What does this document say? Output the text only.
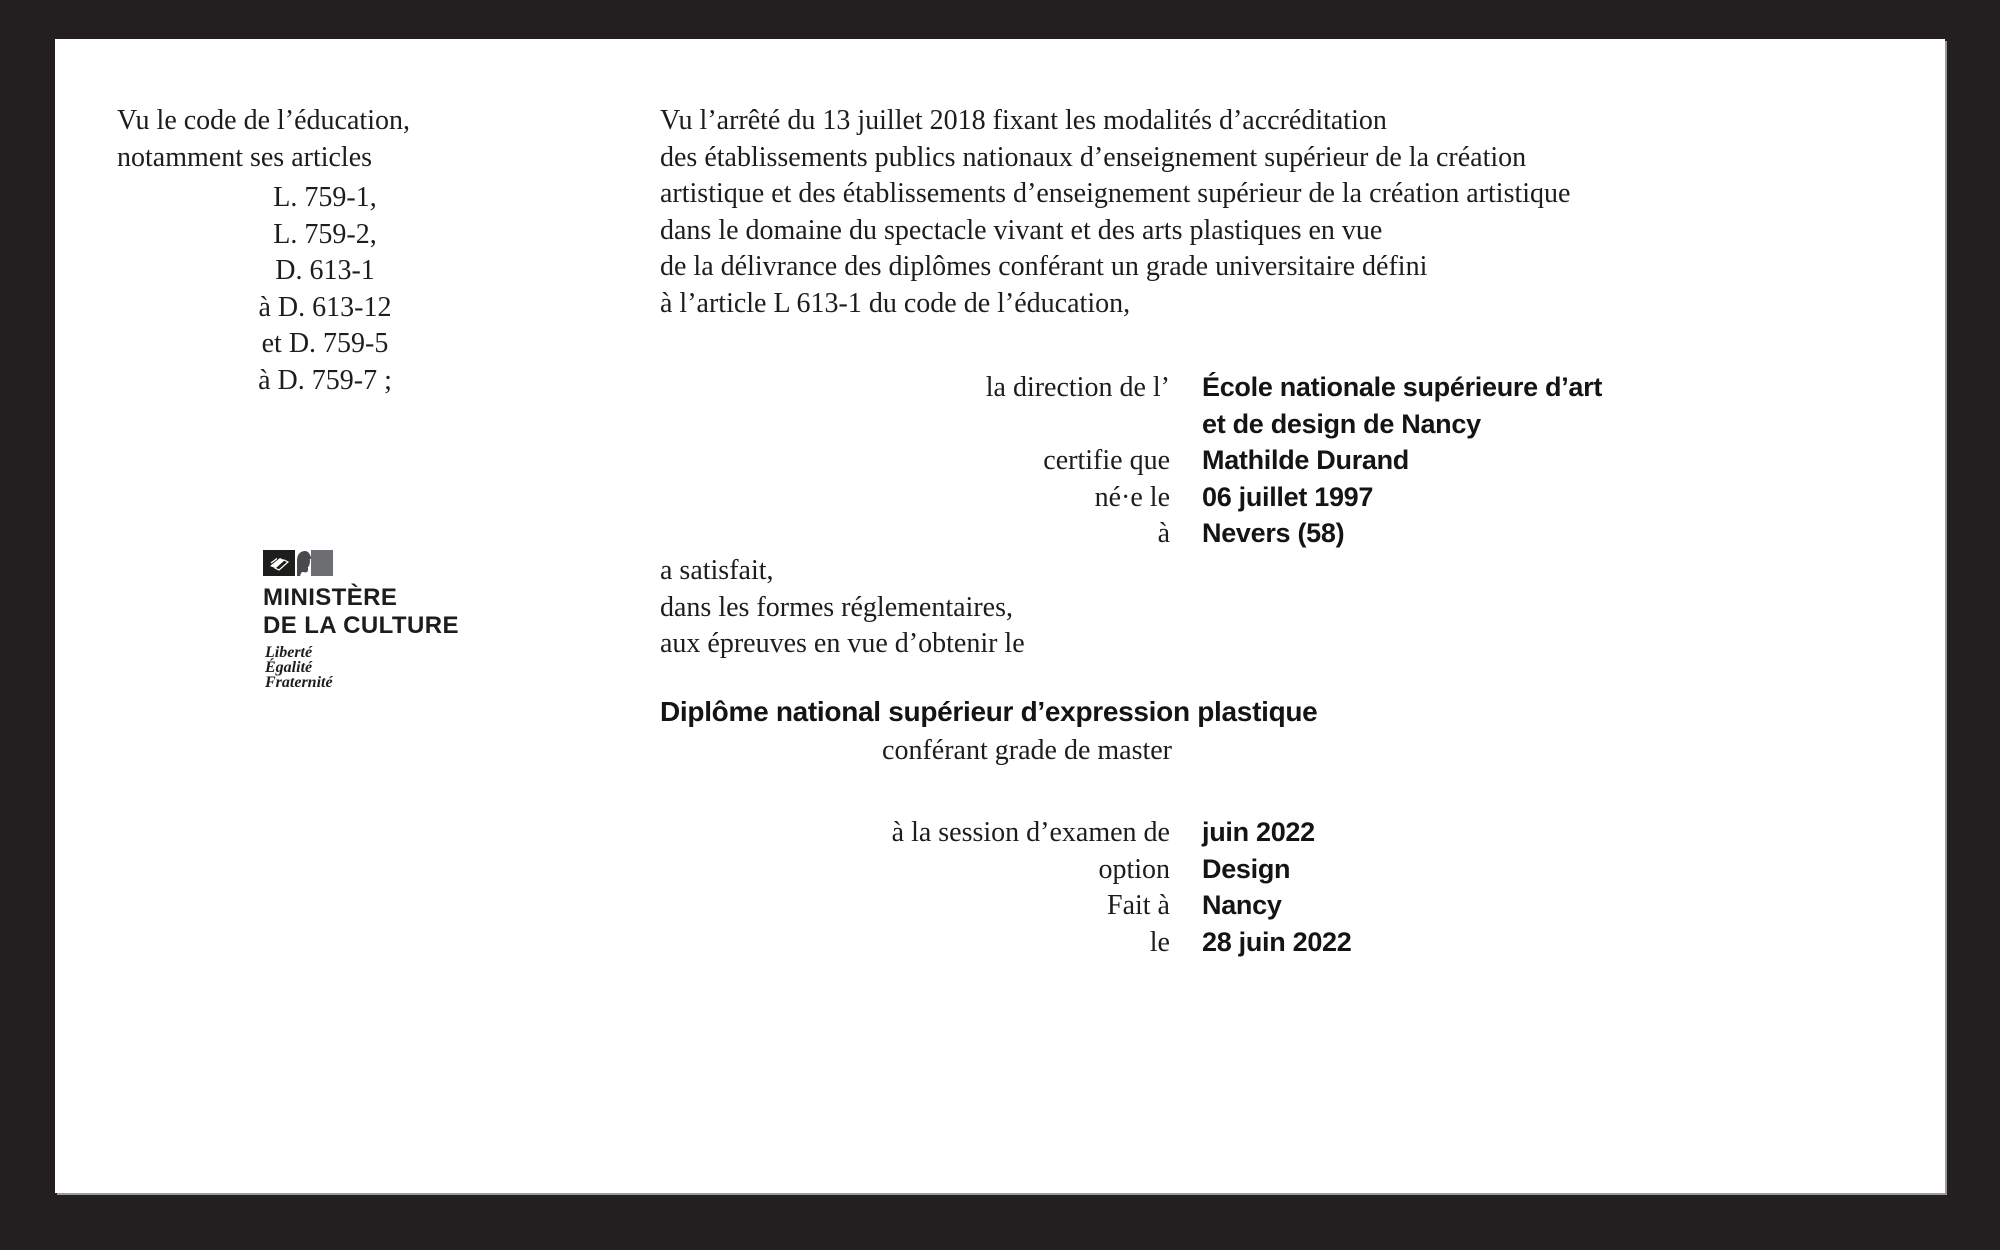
Vu le code de l’éducation,
notamment ses articles
L. 759-1,
L. 759-2,
D. 613-1
à D. 613-12
et D. 759-5
à D. 759-7 ;
MINISTÈRE
DE LA CULTURE
Liberté
Égalité
Fraternité
Vu l’arrêté du 13 juillet 2018 fixant les modalités d’accréditation
des établissements publics nationaux d’enseignement supérieur de la création
artistique et des établissements d’enseignement supérieur de la création artistique
dans le domaine du spectacle vivant et des arts plastiques en vue
de la délivrance des diplômes conférant un grade universitaire défini
à l’article L 613-1 du code de l’éducation,
la direction de l’ École nationale supérieure d’art
et de design de Nancy
certifie que Mathilde Durand
né·e le 06 juillet 1997
à Nevers (58)
a satisfait,
dans les formes réglementaires,
aux épreuves en vue d’obtenir le
Diplôme national supérieur d’expression plastique
conférant grade de master
à la session d’examen de juin 2022
option Design
Fait à Nancy
le 28 juin 2022
